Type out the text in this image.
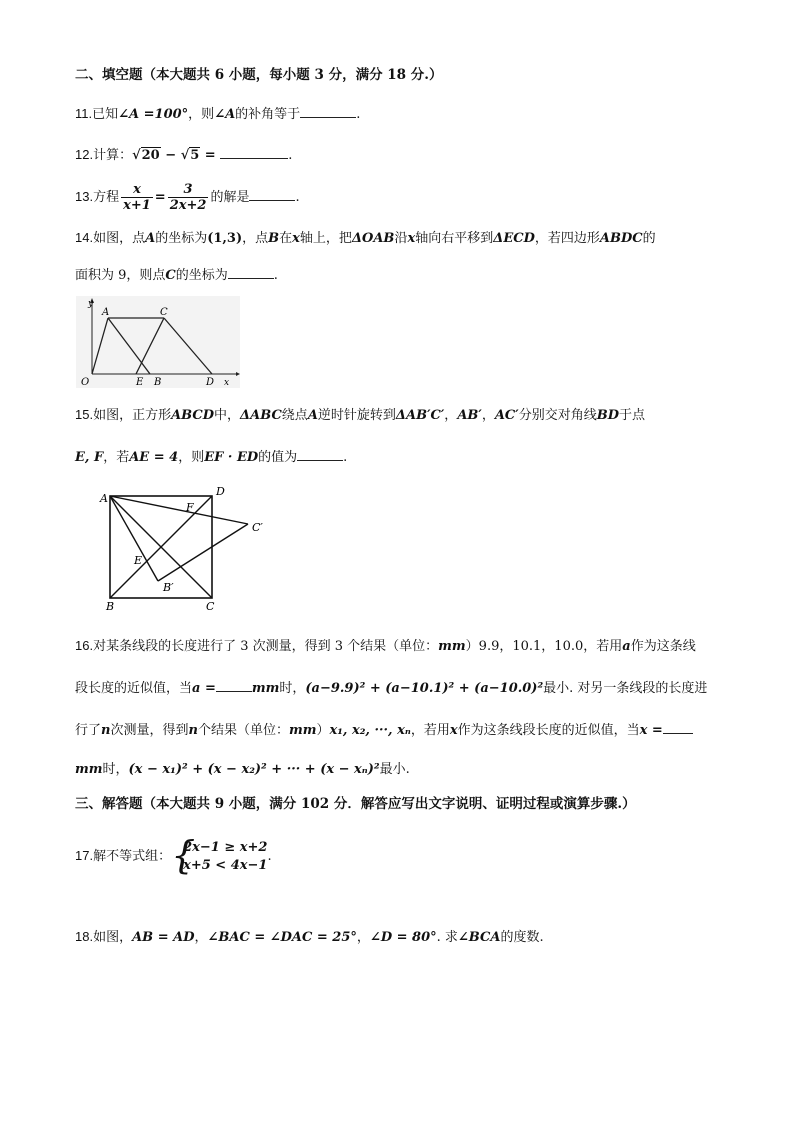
二、填空题（本大题共 6 小题，每小题 3 分，满分 18 分.）
11.已知∠A =100°，则∠A的补角等于	.
12.计算：√20 − √5 =	.
13.方程 $\frac{x}{x+1} = \frac{3}{2x+2}$ 的解是	.
14.如图，点A的坐标为(1,3)，点B在x轴上，把ΔOAB沿x轴向右平移到ΔECD，若四边形ABDC的
面积为 9，则点C的坐标为	.
y
A	C
O	E B	D x
15.如图，正方形ABCD中，ΔABC绕点A逆时针旋转到ΔAB′C′，AB′，AC′分别交对角线BD于点
E, F，若AE = 4，则EF · ED的值为	.
A
D
F
C′
E
B′
B	C
16.对某条线段的长度进行了 3 次测量，得到 3 个结果（单位：mm）9.9，10.1，10.0，若用a作为这条线
段长度的近似值，当a =	mm时，(a−9.9)² + (a−10.1)² + (a−10.0)²最小. 对另一条线段的长度进
行了n次测量，得到n个结果（单位：mm）x₁, x₂, ···, xₙ，若用x作为这条线段长度的近似值，当x =
mm时，(x − x₁)² + (x − x₂)² + ··· + (x − xₙ)²最小.
三、解答题（本大题共 9 小题，满分 102 分．解答应写出文字说明、证明过程或演算步骤.）
17.解不等式组： {
2x−1 ≥ x+2
x+5 < 4x−1
.
18.如图，AB = AD，∠BAC = ∠DAC = 25°，∠D = 80°. 求∠BCA的度数.
